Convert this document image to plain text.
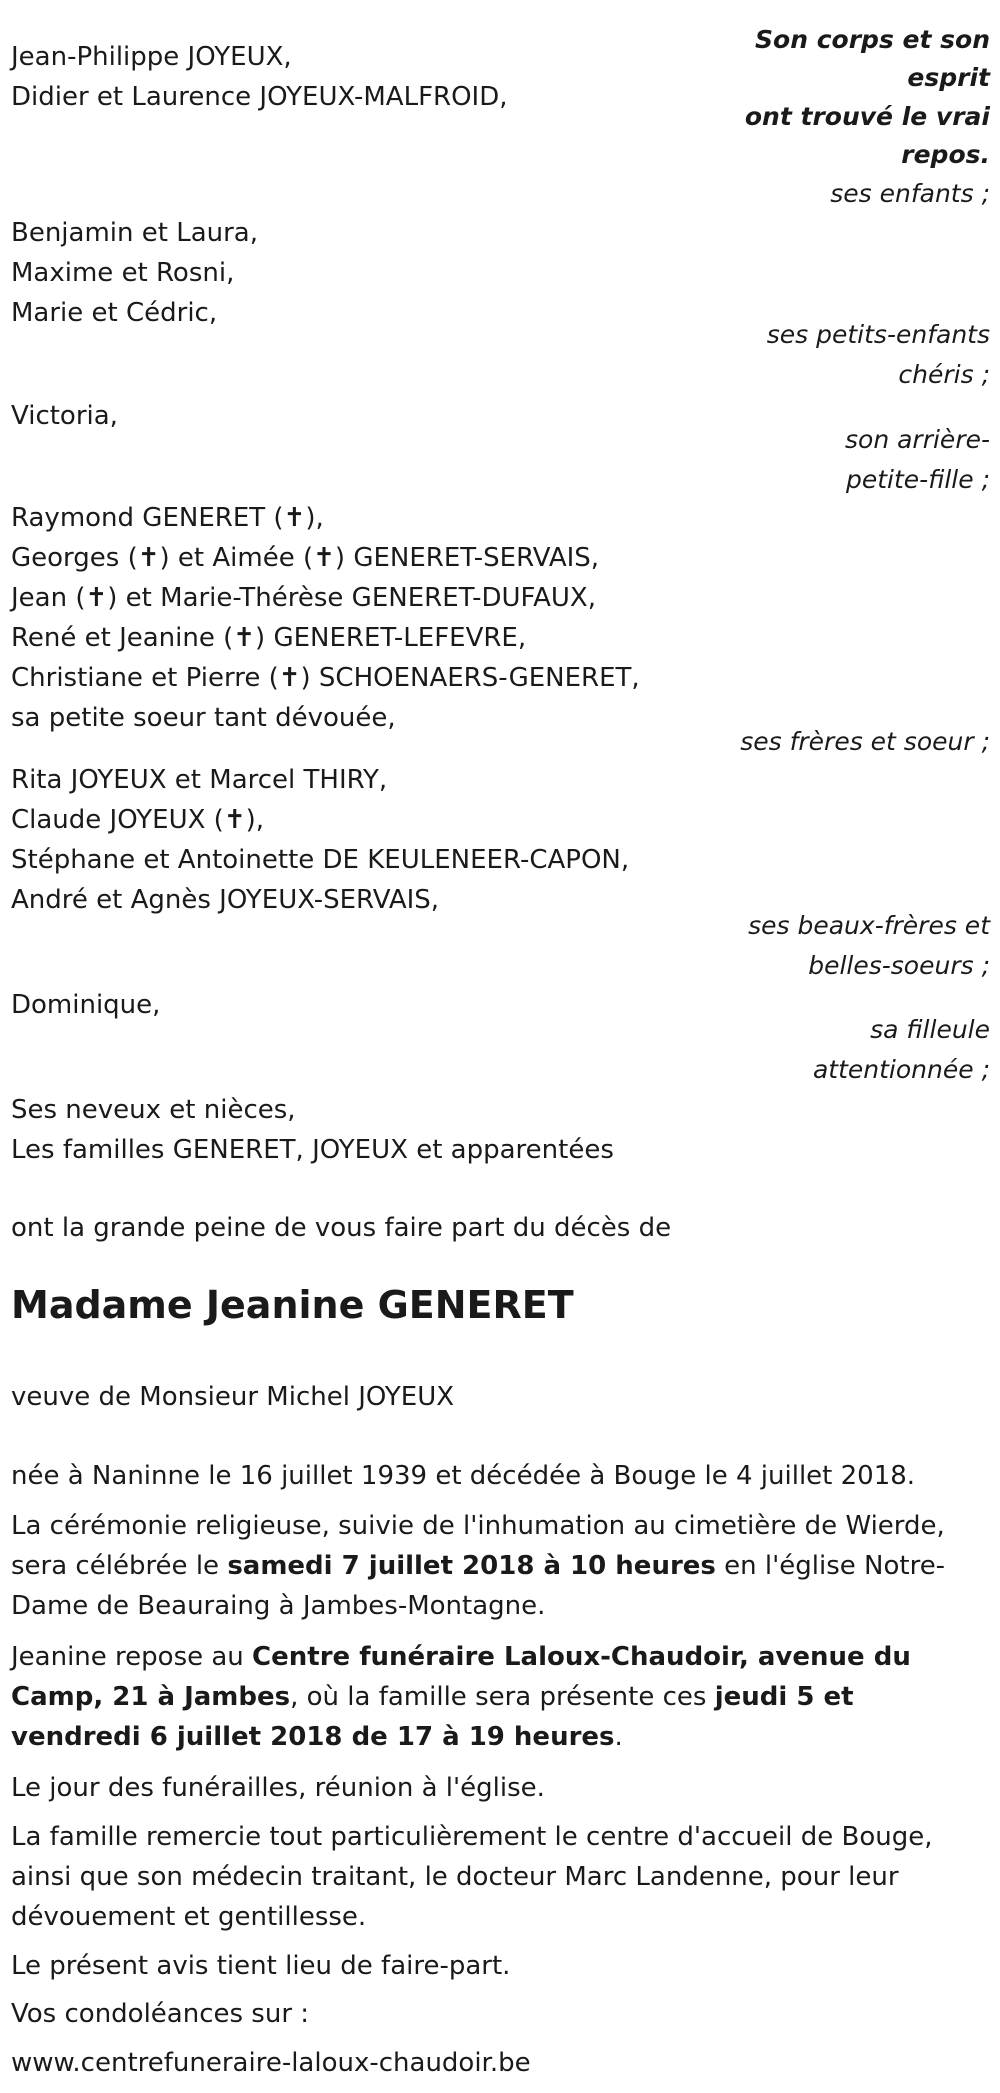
Son corps et son

esprit

ont trouvé le vrai

repos.

Jean-Philippe JOYEUX,

Didier et Laurence JOYEUX-MALFROID,

ses enfants ;

Benjamin et Laura,

Maxime et Rosni,

Marie et Cédric,

ses petits-enfants

chéris ;

Victoria,

son arrière-

petite-fille ;

Raymond GENERET (✝),

Georges (✝) et Aimée (✝) GENERET-SERVAIS,

Jean (✝) et Marie-Thérèse GENERET-DUFAUX,

René et Jeanine (✝) GENERET-LEFEVRE,

Christiane et Pierre (✝) SCHOENAERS-GENERET,

sa petite soeur tant dévouée,

ses frères et soeur ;

Rita JOYEUX et Marcel THIRY,

Claude JOYEUX (✝),

Stéphane et Antoinette DE KEULENEER-CAPON,

André et Agnès JOYEUX-SERVAIS,

ses beaux-frères et

belles-soeurs ;

Dominique,

sa filleule

attentionnée ;

Ses neveux et nièces,

Les familles GENERET, JOYEUX et apparentées

ont la grande peine de vous faire part du décès de

Madame Jeanine GENERET

veuve de Monsieur Michel JOYEUX

née à Naninne le 16 juillet 1939 et décédée à Bouge le 4 juillet 2018.

La cérémonie religieuse, suivie de l'inhumation au cimetière de Wierde, sera célébrée le samedi 7 juillet 2018 à 10 heures en l'église Notre-Dame de Beauraing à Jambes-Montagne.

Jeanine repose au Centre funéraire Laloux-Chaudoir, avenue du Camp, 21 à Jambes, où la famille sera présente ces jeudi 5 et vendredi 6 juillet 2018 de 17 à 19 heures.

Le jour des funérailles, réunion à l'église.

La famille remercie tout particulièrement le centre d'accueil de Bouge, ainsi que son médecin traitant, le docteur Marc Landenne, pour leur dévouement et gentillesse.

Le présent avis tient lieu de faire-part.

Vos condoléances sur :

www.centrefuneraire-laloux-chaudoir.be
